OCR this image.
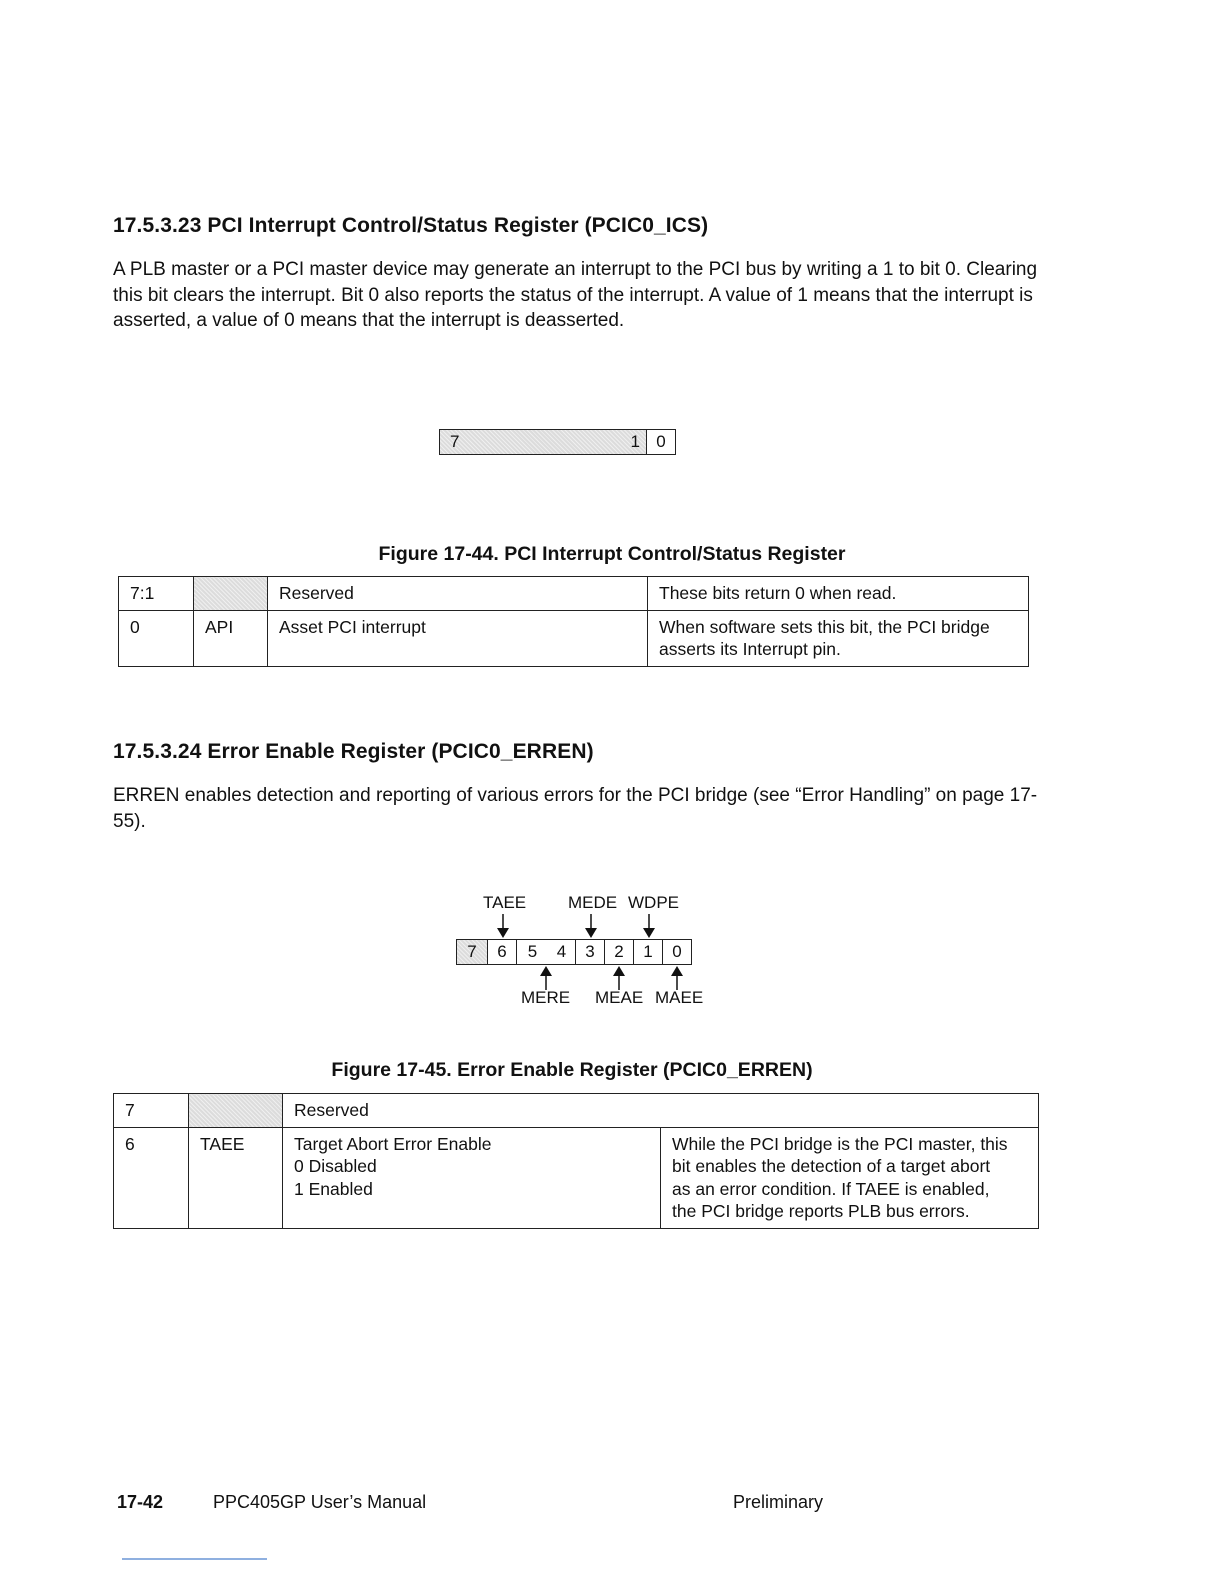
17.5.3.23 PCI Interrupt Control/Status Register (PCIC0_ICS)

A PLB master or a PCI master device may generate an interrupt to the PCI bus by writing a 1 to bit 0. Clearing this bit clears the interrupt. Bit 0 also reports the status of the interrupt. A value of 1 means that the interrupt is asserted, a value of 0 means that the interrupt is deasserted.

7	1 0

Figure 17-44. PCI Interrupt Control/Status Register

7:1		Reserved	These bits return 0 when read.
0	API	Asset PCI interrupt	When software sets this bit, the PCI bridge asserts its Interrupt pin.
17.5.3.24 Error Enable Register (PCIC0_ERREN)

ERREN enables detection and reporting of various errors for the PCI bridge (see “Error Handling” on page 17-55).

TAEE MEDE WDPE
7	6	5	4	3	2	1	0
MERE MEAE MAEE

Figure 17-45. Error Enable Register (PCIC0_ERREN)

7		Reserved	
6	TAEE	Target Abort Error Enable
0 Disabled
1 Enabled	While the PCI bridge is the PCI master, this bit enables the detection of a target abort as an error condition. If TAEE is enabled, the PCI bridge reports PLB bus errors.
17-42	PPC405GP User’s Manual	Preliminary
